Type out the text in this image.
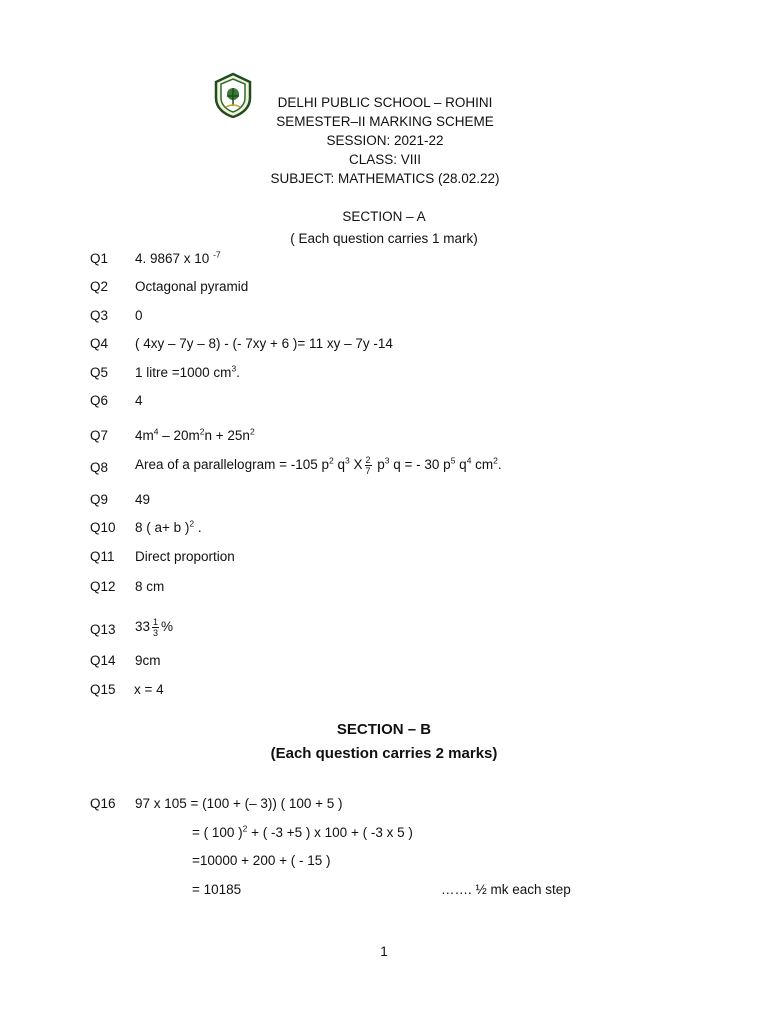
DELHI PUBLIC SCHOOL – ROHINI
SEMESTER–II MARKING SCHEME
SESSION: 2021-22
CLASS: VIII
SUBJECT: MATHEMATICS (28.02.22)
SECTION – A
( Each question carries 1 mark)
Q1 4. 9867 x 10 $^{-7}$
Q2 Octagonal pyramid
Q3 0
Q4 ( 4xy – 7y – 8) - (- 7xy + 6 )= 11 xy – 7y -14
Q5 1 litre =1000 $cm^3$.
Q6 4
Q7 $4m^4 - 20m^2n + 25n^2$
Q8 Area of a parallelogram = -105 $p^2$ $q^3$ X $\frac{2}{7} p^3$ q = - 30 $p^5$ $q^4$ $cm^2$.
Q9 49
Q10 8 ( a+ b )$^2$ .
Q11 Direct proportion
Q12 8 cm
Q13 $33 \frac{1}{3}$ %
Q14 9cm
Q15 x = 4
SECTION – B
(Each question carries 2 marks)
Q16 97 x 105 = (100 + (– 3)) ( 100 + 5 )
= ( 100 )$^2$ + ( -3 +5 ) x 100 + ( -3 x 5 )
=10000 + 200 + ( - 15 )
= 10185	……. ½ mk each step
1
